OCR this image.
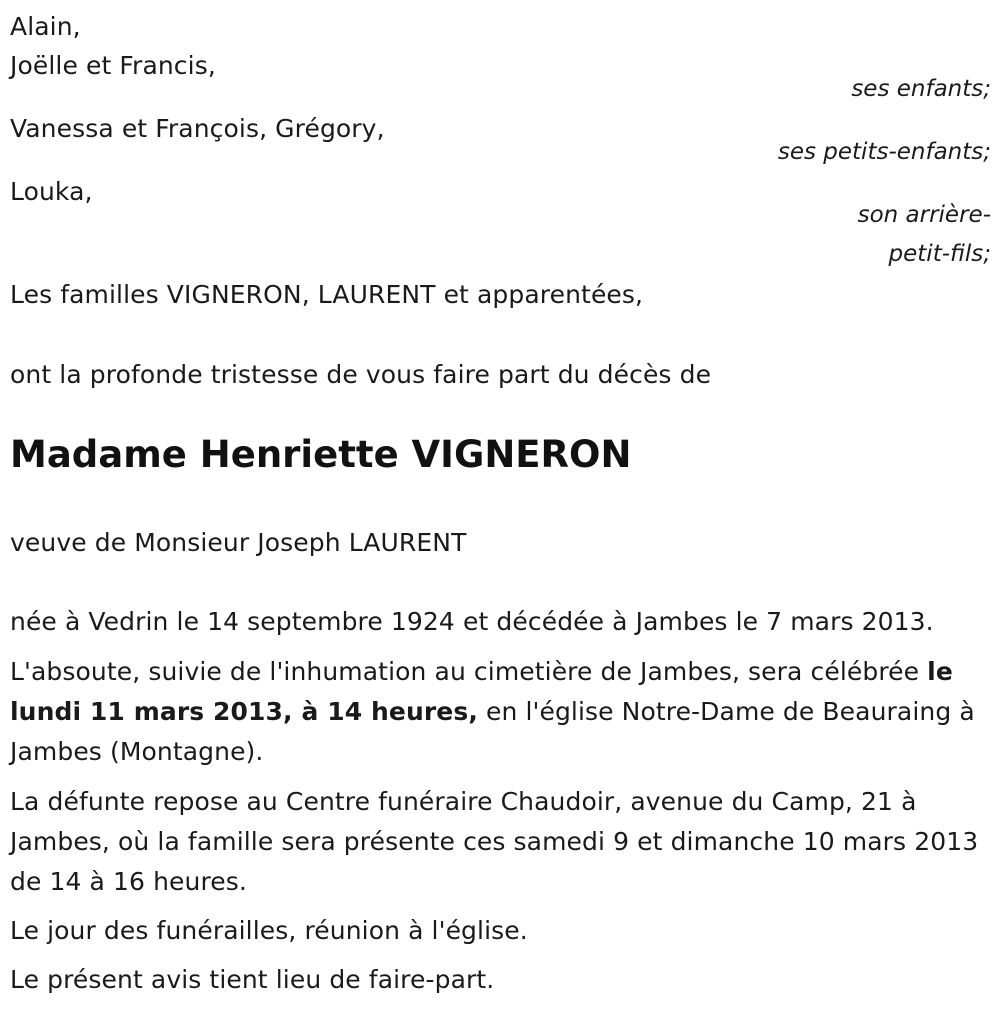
Alain,
Joëlle et Francis,
ses enfants;
Vanessa et François, Grégory,
ses petits-enfants;
Louka,
son arrière-
petit-fils;
Les familles VIGNERON, LAURENT et apparentées,
ont la profonde tristesse de vous faire part du décès de
Madame Henriette VIGNERON
veuve de Monsieur Joseph LAURENT
née à Vedrin le 14 septembre 1924 et décédée à Jambes le 7 mars 2013.
L'absoute, suivie de l'inhumation au cimetière de Jambes, sera célébrée le lundi 11 mars 2013, à 14 heures, en l'église Notre-Dame de Beauraing à Jambes (Montagne).
La défunte repose au Centre funéraire Chaudoir, avenue du Camp, 21 à Jambes, où la famille sera présente ces samedi 9 et dimanche 10 mars 2013 de 14 à 16 heures.
Le jour des funérailles, réunion à l'église.
Le présent avis tient lieu de faire-part.
